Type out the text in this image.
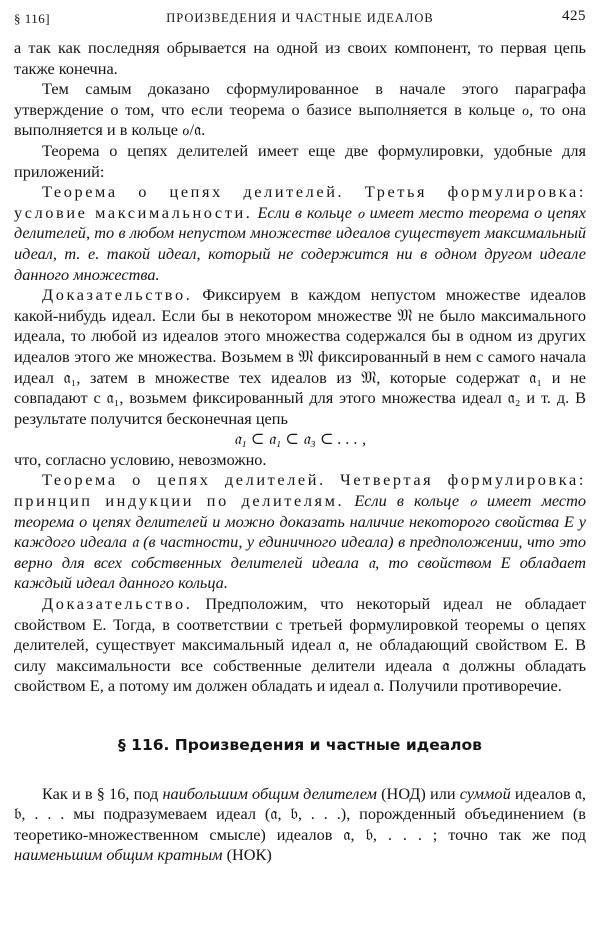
§ 116]	ПРОИЗВЕДЕНИЯ И ЧАСТНЫЕ ИДЕАЛОВ	425

а так как последняя обрывается на одной из своих компонент, то первая цепь также конечна.

Тем самым доказано сформулированное в начале этого параграфа утверждение о том, что если теорема о базисе выполняется в кольце ℴ, то она выполняется и в кольце ℴ/𝔞.

Теорема о цепях делителей имеет еще две формулировки, удобные для приложений:

Теорема о цепях делителей. Третья формулировка: условие максимальности. Если в кольце ℴ имеет место теорема о цепях делителей, то в любом непустом множестве идеалов существует максимальный идеал, т. е. такой идеал, который не содержится ни в одном другом идеале данного множества.

Доказательство. Фиксируем в каждом непустом множестве идеалов какой-нибудь идеал. Если бы в некотором множестве 𝔐 не было максимального идеала, то любой из идеалов этого множества содержался бы в одном из других идеалов этого же множества. Возьмем в 𝔐 фиксированный в нем с самого начала идеал 𝔞₁, затем в множестве тех идеалов из 𝔐, которые содержат 𝔞₁ и не совпадают с 𝔞₁, возьмем фиксированный для этого множества идеал 𝔞₂ и т. д. В результате получится бесконечная цепь

𝔞₁ ⊂ 𝔞₁ ⊂ 𝔞₃ ⊂ . . . ,

что, согласно условию, невозможно.

Теорема о цепях делителей. Четвертая формулировка: принцип индукции по делителям. Если в кольце ℴ имеет место теорема о цепях делителей и можно доказать наличие некоторого свойства E у каждого идеала 𝔞 (в частности, у единичного идеала) в предположении, что это верно для всех собственных делителей идеала 𝔞, то свойством E обладает каждый идеал данного кольца.

Доказательство. Предположим, что некоторый идеал не обладает свойством E. Тогда, в соответствии с третьей формулировкой теоремы о цепях делителей, существует максимальный идеал 𝔞, не обладающий свойством E. В силу максимальности все собственные делители идеала 𝔞 должны обладать свойством E, а потому им должен обладать и идеал 𝔞. Получили противоречие.

§ 116. Произведения и частные идеалов

Как и в § 16, под наибольшим общим делителем (НОД) или суммой идеалов 𝔞, 𝔟, . . . мы подразумеваем идеал (𝔞, 𝔟, . . .), порожденный объединением (в теоретико-множественном смысле) идеалов 𝔞, 𝔟, . . . ; точно так же под наименьшим общим кратным (НОК)
